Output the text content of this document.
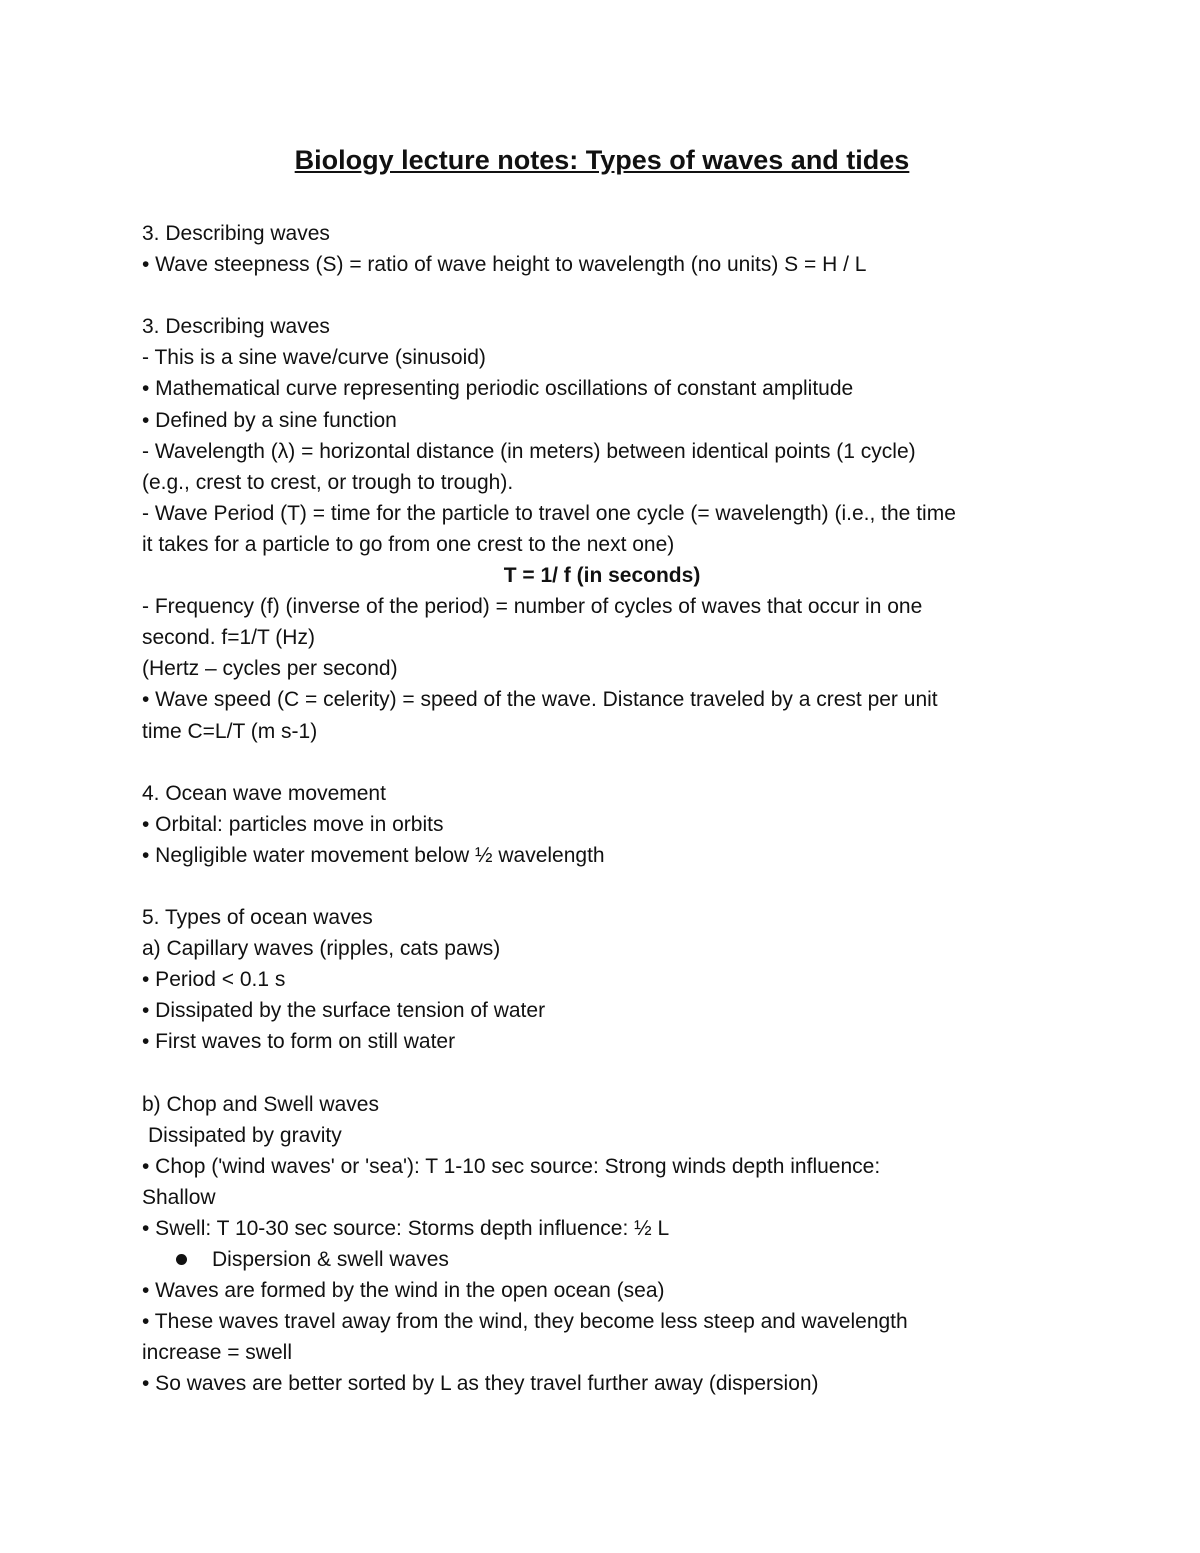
Biology lecture notes: Types of waves and tides

3. Describing waves

• Wave steepness (S) = ratio of wave height to wavelength (no units) S = H / L

3. Describing waves

- This is a sine wave/curve (sinusoid)

• Mathematical curve representing periodic oscillations of constant amplitude

• Defined by a sine function

- Wavelength (λ) = horizontal distance (in meters) between identical points (1 cycle)

(e.g., crest to crest, or trough to trough).

- Wave Period (T) = time for the particle to travel one cycle (= wavelength) (i.e., the time

it takes for a particle to go from one crest to the next one)

T = 1/ f (in seconds)

- Frequency (f) (inverse of the period) = number of cycles of waves that occur in one

second. f=1/T (Hz)

(Hertz – cycles per second)

• Wave speed (C = celerity) = speed of the wave. Distance traveled by a crest per unit

time C=L/T (m s-1)

4. Ocean wave movement

• Orbital: particles move in orbits

• Negligible water movement below ½ wavelength

5. Types of ocean waves

a) Capillary waves (ripples, cats paws)

• Period < 0.1 s

• Dissipated by the surface tension of water

• First waves to form on still water

b) Chop and Swell waves

Dissipated by gravity

• Chop ('wind waves' or 'sea'): T 1-10 sec source: Strong winds depth influence:

Shallow

• Swell: T 10-30 sec source: Storms depth influence: ½ L

Dispersion & swell waves

• Waves are formed by the wind in the open ocean (sea)

• These waves travel away from the wind, they become less steep and wavelength

increase = swell

• So waves are better sorted by L as they travel further away (dispersion)
